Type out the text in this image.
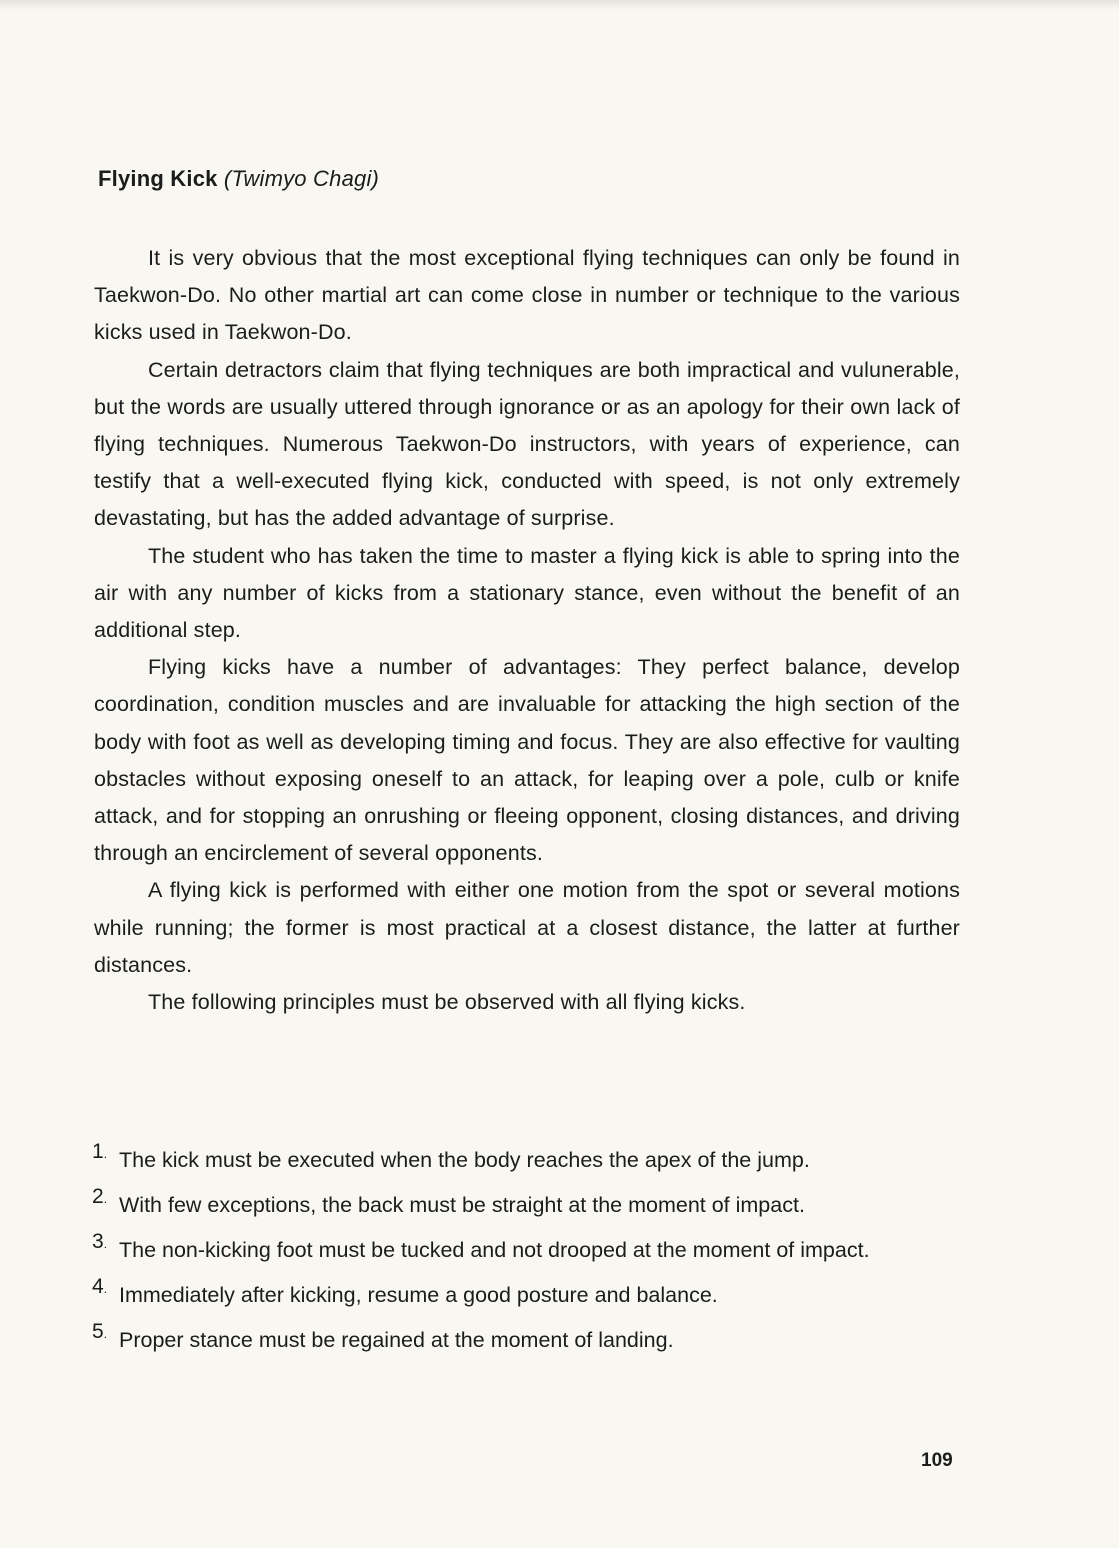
Flying Kick (Twimyo Chagi)

It is very obvious that the most exceptional flying techniques can only be found in Taekwon-Do. No other martial art can come close in number or technique to the various kicks used in Taekwon-Do.

Certain detractors claim that flying techniques are both impractical and vulunerable, but the words are usually uttered through ignorance or as an apology for their own lack of flying techniques. Numerous Taekwon-Do instructors, with years of experience, can testify that a well-executed flying kick, conducted with speed, is not only extremely devastating, but has the added advantage of surprise.

The student who has taken the time to master a flying kick is able to spring into the air with any number of kicks from a stationary stance, even without the benefit of an additional step.

Flying kicks have a number of advantages: They perfect balance, develop coordination, condition muscles and are invaluable for attacking the high section of the body with foot as well as developing timing and focus. They are also effective for vaulting obstacles without exposing oneself to an attack, for leaping over a pole, culb or knife attack, and for stopping an onrushing or fleeing opponent, closing distances, and driving through an encirclement of several opponents.

A flying kick is performed with either one motion from the spot or several motions while running; the former is most practical at a closest distance, the latter at further distances.

The following principles must be observed with all flying kicks.

1. The kick must be executed when the body reaches the apex of the jump.
2. With few exceptions, the back must be straight at the moment of impact.
3. The non-kicking foot must be tucked and not drooped at the moment of impact.
4. Immediately after kicking, resume a good posture and balance.
5. Proper stance must be regained at the moment of landing.
109
